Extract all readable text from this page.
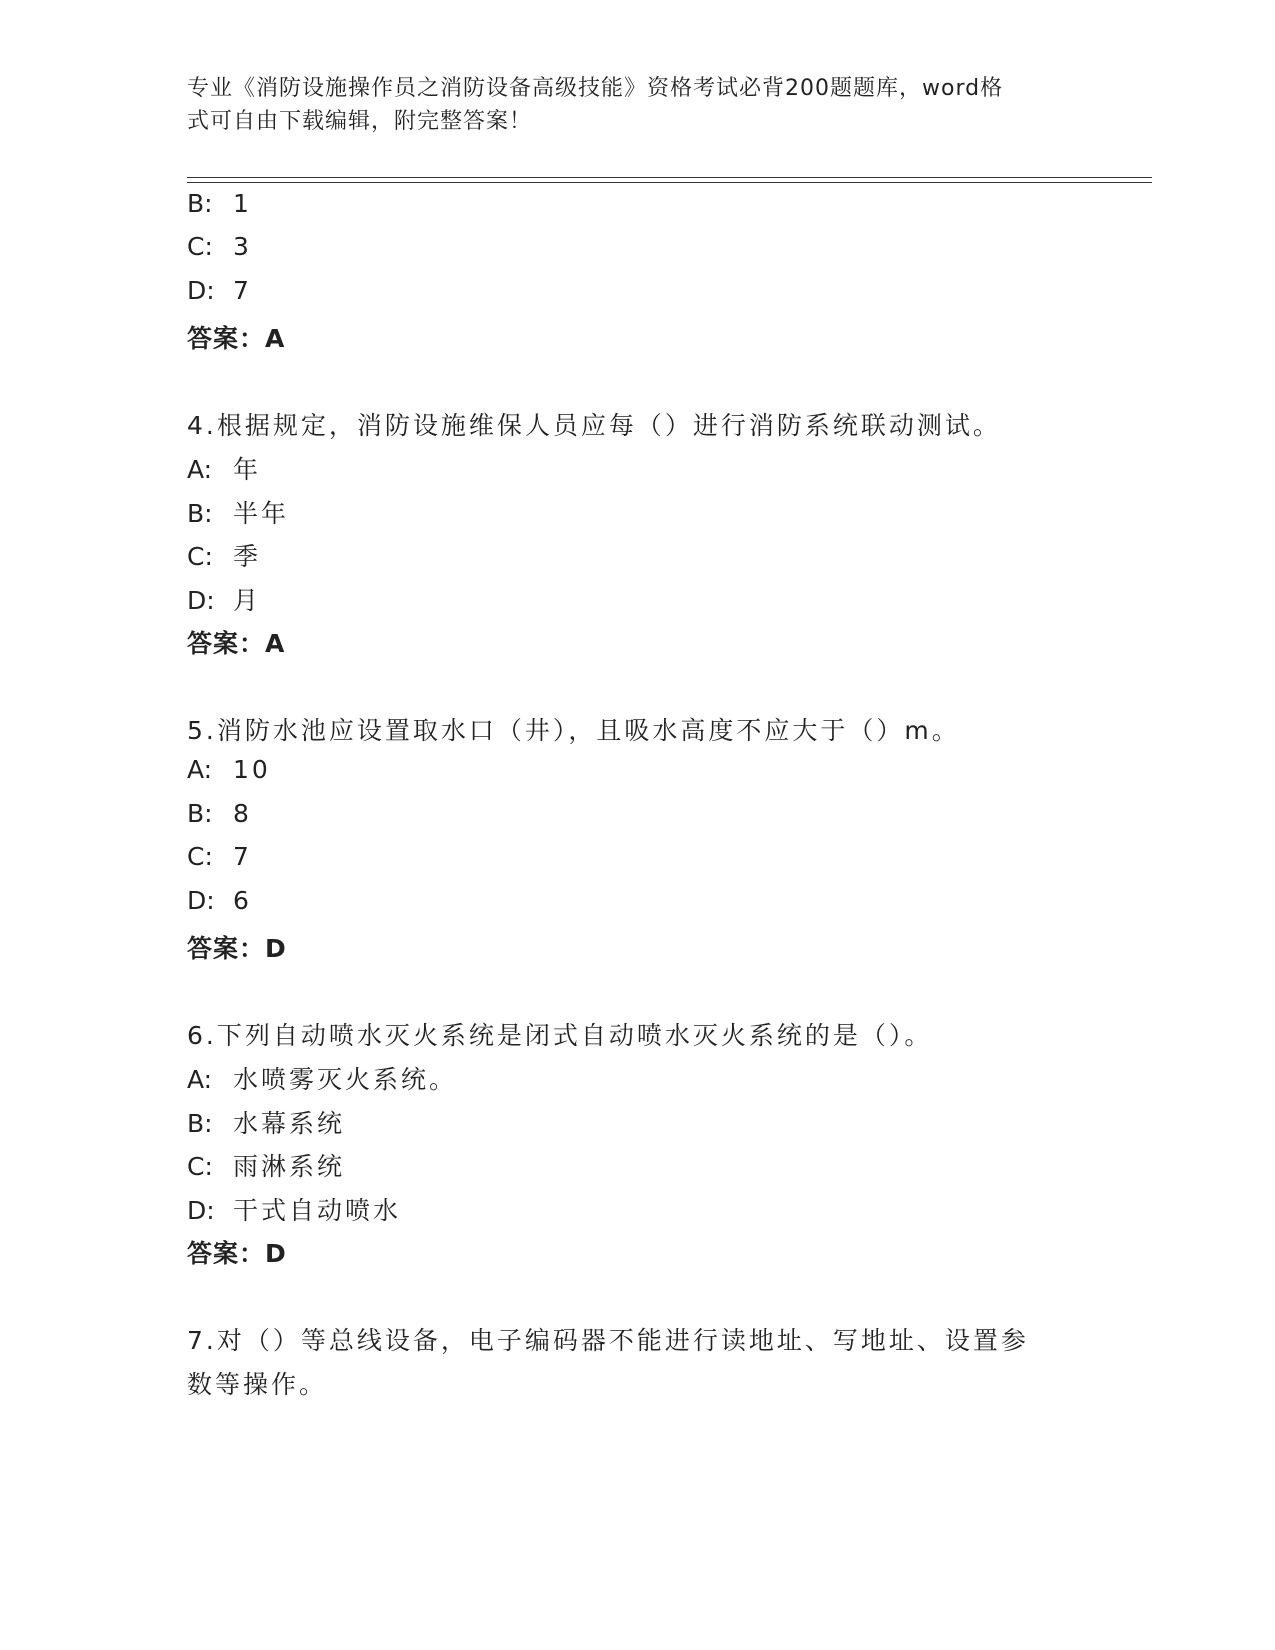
专业《消防设施操作员之消防设备高级技能》资格考试必背200题题库，word格
式可自由下载编辑，附完整答案！
B: 1
C: 3
D: 7
答案：A
4.根据规定，消防设施维保人员应每（）进行消防系统联动测试。
A: 年
B: 半年
C: 季
D: 月
答案：A
5.消防水池应设置取水口（井），且吸水高度不应大于（）m。
A: 10
B: 8
C: 7
D: 6
答案：D
6.下列自动喷水灭火系统是闭式自动喷水灭火系统的是（）。
A: 水喷雾灭火系统。
B: 水幕系统
C: 雨淋系统
D: 干式自动喷水
答案：D
7.对（）等总线设备，电子编码器不能进行读地址、写地址、设置参
数等操作。
